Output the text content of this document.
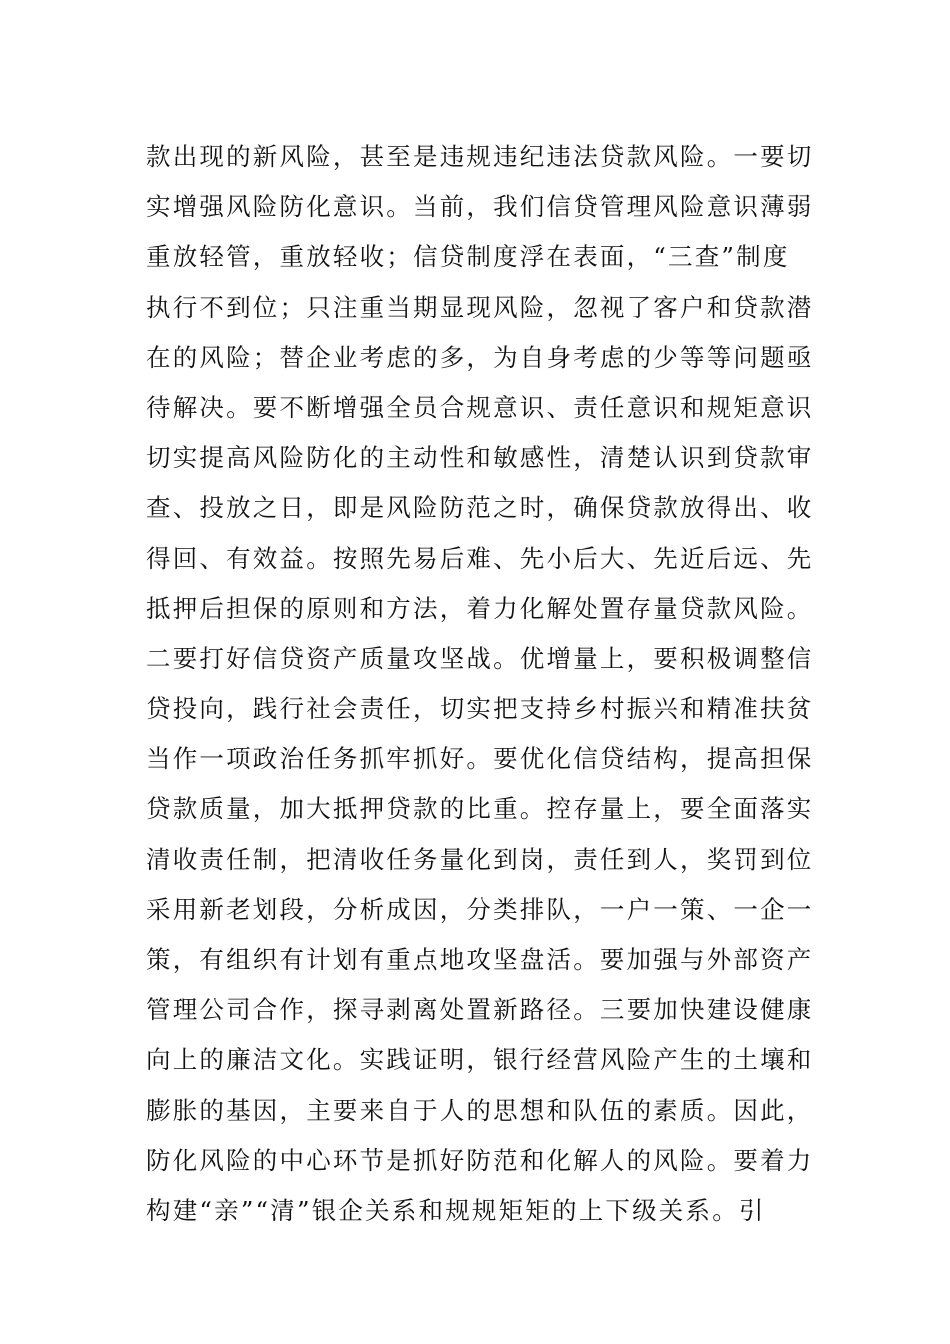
款出现的新风险，甚至是违规违纪违法贷款风险。一要切
实增强风险防化意识。当前，我们信贷管理风险意识薄弱
重放轻管，重放轻收；信贷制度浮在表面，“三查”制度
执行不到位；只注重当期显现风险，忽视了客户和贷款潜
在的风险；替企业考虑的多，为自身考虑的少等等问题亟
待解决。要不断增强全员合规意识、责任意识和规矩意识
切实提高风险防化的主动性和敏感性，清楚认识到贷款审
查、投放之日，即是风险防范之时，确保贷款放得出、收
得回、有效益。按照先易后难、先小后大、先近后远、先
抵押后担保的原则和方法，着力化解处置存量贷款风险。
二要打好信贷资产质量攻坚战。优增量上，要积极调整信
贷投向，践行社会责任，切实把支持乡村振兴和精准扶贫
当作一项政治任务抓牢抓好。要优化信贷结构，提高担保
贷款质量，加大抵押贷款的比重。控存量上，要全面落实
清收责任制，把清收任务量化到岗，责任到人，奖罚到位
采用新老划段，分析成因，分类排队，一户一策、一企一
策，有组织有计划有重点地攻坚盘活。要加强与外部资产
管理公司合作，探寻剥离处置新路径。三要加快建设健康
向上的廉洁文化。实践证明，银行经营风险产生的土壤和
膨胀的基因，主要来自于人的思想和队伍的素质。因此，
防化风险的中心环节是抓好防范和化解人的风险。要着力
构建“亲”“清”银企关系和规规矩矩的上下级关系。引
